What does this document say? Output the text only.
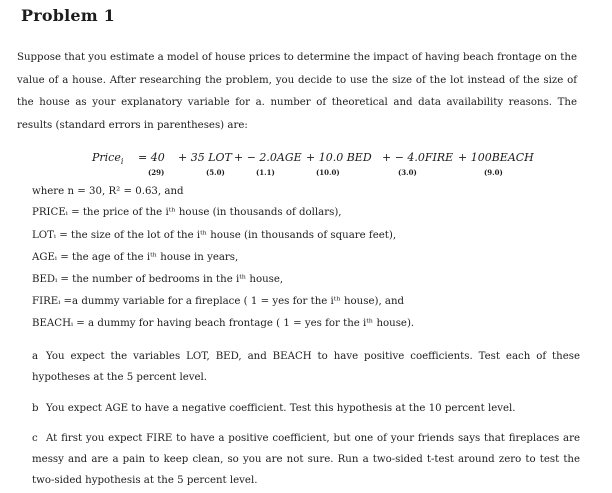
Problem 1
Suppose that you estimate a model of house prices to determine the impact of having beach frontage on the value of a house. After researching the problem, you decide to use the size of the lot instead of the size of the house as your explanatory variable for a. number of theoretical and data availability reasons. The results (standard errors in parentheses) are:
Price$_i$ = 40 + 35 LOT + − 2.0AGE + 10.0 BED + − 4.0FIRE + 100BEACH
(29)	(5.0)	(1.1)	(10.0)	(3.0)	(9.0)
where n = 30, R² = 0.63, and
PRICEᵢ = the price of the iᵗʰ house (in thousands of dollars),
LOTᵢ = the size of the lot of the iᵗʰ house (in thousands of square feet),
AGEᵢ = the age of the iᵗʰ house in years,
BEDᵢ = the number of bedrooms in the iᵗʰ house,
FIREᵢ =a dummy variable for a fireplace ( 1 = yes for the iᵗʰ house), and
BEACHᵢ = a dummy for having beach frontage ( 1 = yes for the iᵗʰ house).
a You expect the variables LOT, BED, and BEACH to have positive coefficients. Test each of these hypotheses at the 5 percent level.
b You expect AGE to have a negative coefficient. Test this hypothesis at the 10 percent level.
c At first you expect FIRE to have a positive coefficient, but one of your friends says that fireplaces are messy and are a pain to keep clean, so you are not sure. Run a two-sided t-test around zero to test the two-sided hypothesis at the 5 percent level.
